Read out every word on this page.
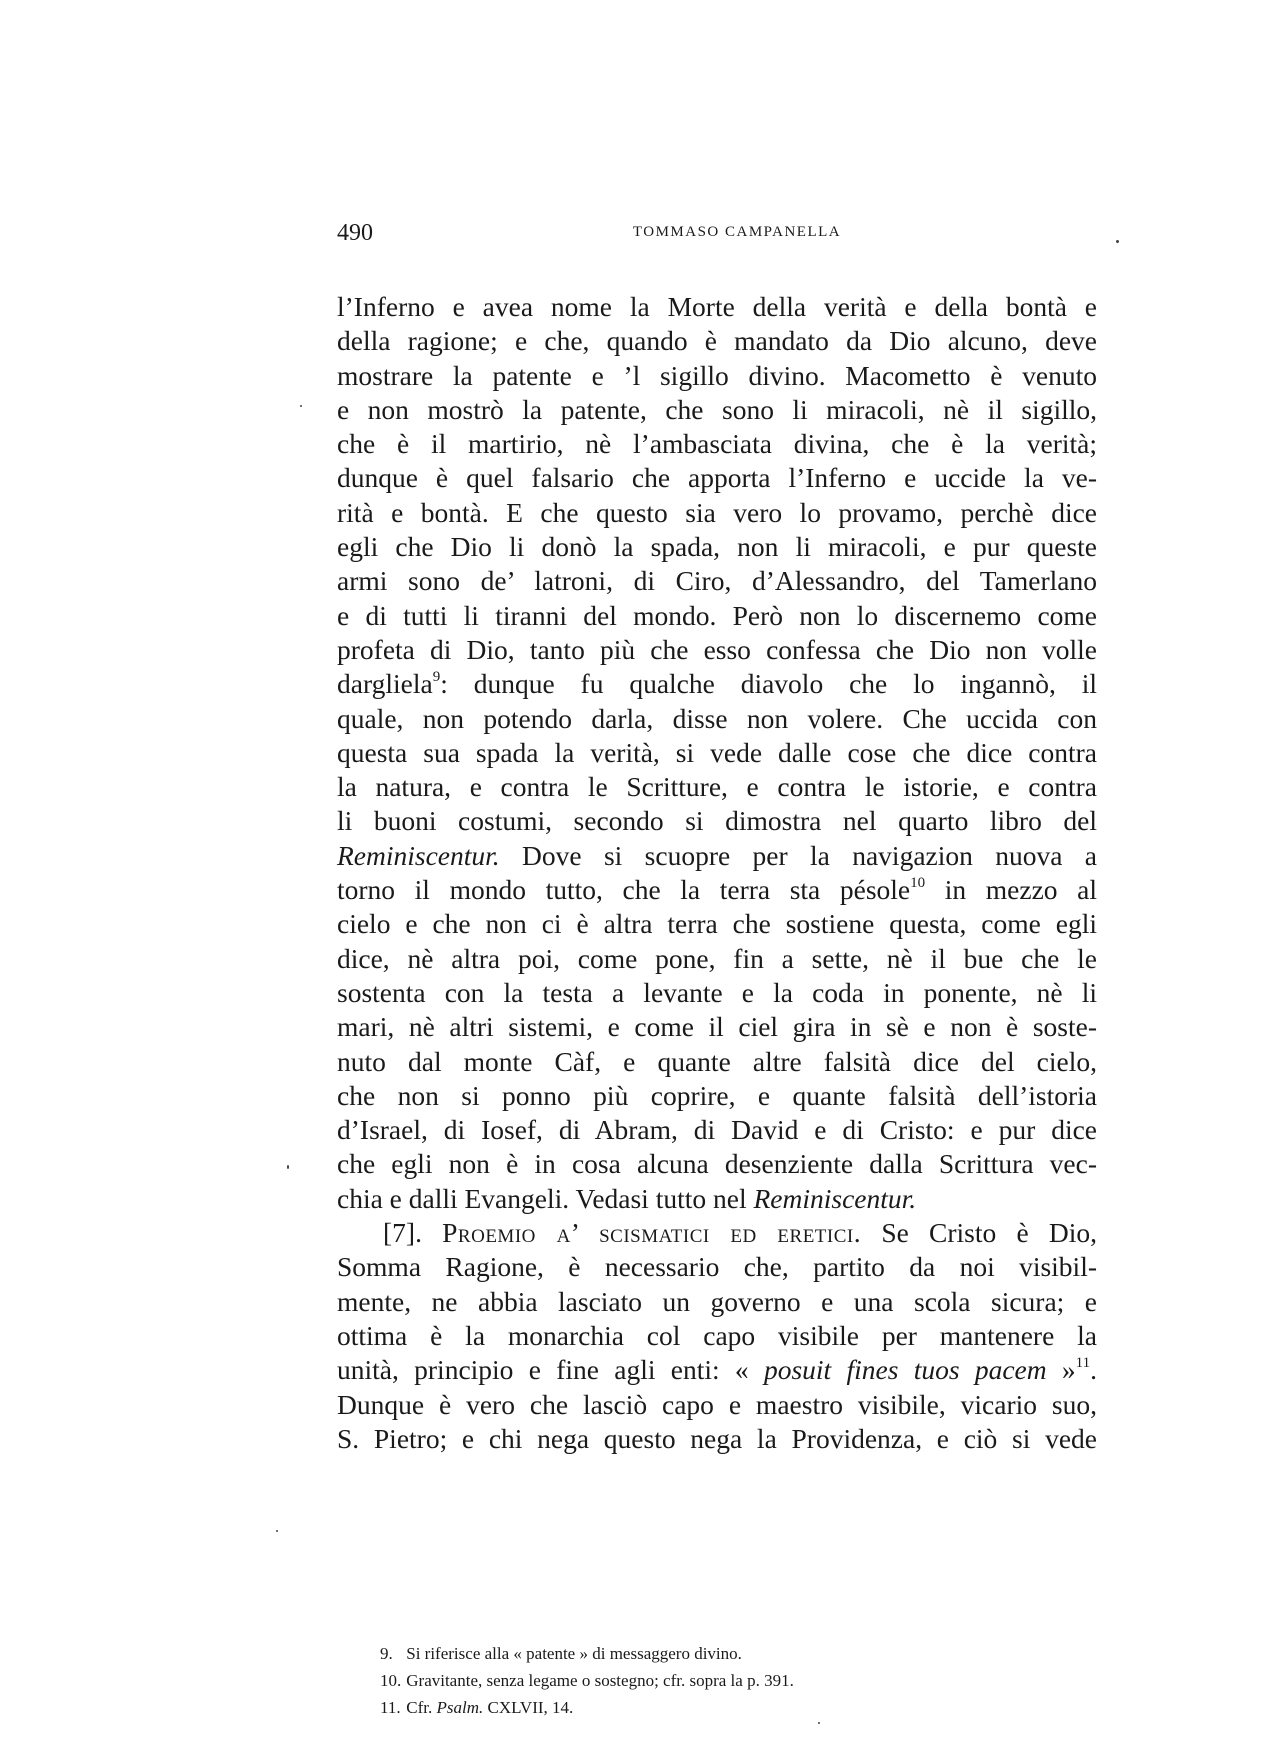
490	TOMMASO CAMPANELLA
l’Inferno e avea nome la Morte della verità e della bontà e
della ragione; e che, quando è mandato da Dio alcuno, deve
mostrare la patente e ’l sigillo divino. Macometto è venuto
e non mostrò la patente, che sono li miracoli, nè il sigillo,
che è il martirio, nè l’ambasciata divina, che è la verità;
dunque è quel falsario che apporta l’Inferno e uccide la ve-
rità e bontà. E che questo sia vero lo provamo, perchè dice
egli che Dio li donò la spada, non li miracoli, e pur queste
armi sono de’ latroni, di Ciro, d’Alessandro, del Tamerlano
e di tutti li tiranni del mondo. Però non lo discernemo come
profeta di Dio, tanto più che esso confessa che Dio non volle
dargliela$^9$: dunque fu qualche diavolo che lo ingannò, il
quale, non potendo darla, disse non volere. Che uccida con
questa sua spada la verità, si vede dalle cose che dice contra
la natura, e contra le Scritture, e contra le istorie, e contra
li buoni costumi, secondo si dimostra nel quarto libro del
Reminiscentur. Dove si scuopre per la navigazion nuova a
torno il mondo tutto, che la terra sta pésole$^{10}$ in mezzo al
cielo e che non ci è altra terra che sostiene questa, come egli
dice, nè altra poi, come pone, fin a sette, nè il bue che le
sostenta con la testa a levante e la coda in ponente, nè li
mari, nè altri sistemi, e come il ciel gira in sè e non è soste-
nuto dal monte Càf, e quante altre falsità dice del cielo,
che non si ponno più coprire, e quante falsità dell’istoria
d’Israel, di Iosef, di Abram, di David e di Cristo: e pur dice
che egli non è in cosa alcuna desenziente dalla Scrittura vec-
chia e dalli Evangeli. Vedasi tutto nel Reminiscentur.
[7]. Proemio a’ scismatici ed eretici. Se Cristo è Dio,
Somma Ragione, è necessario che, partito da noi visibil-
mente, ne abbia lasciato un governo e una scola sicura; e
ottima è la monarchia col capo visibile per mantenere la
unità, principio e fine agli enti: « posuit fines tuos pacem »$^{11}$.
Dunque è vero che lasciò capo e maestro visibile, vicario suo,
S. Pietro; e chi nega questo nega la Providenza, e ciò si vede
9. Si riferisce alla « patente » di messaggero divino.
10. Gravitante, senza legame o sostegno; cfr. sopra la p. 391.
11. Cfr. Psalm. CXLVII, 14.
